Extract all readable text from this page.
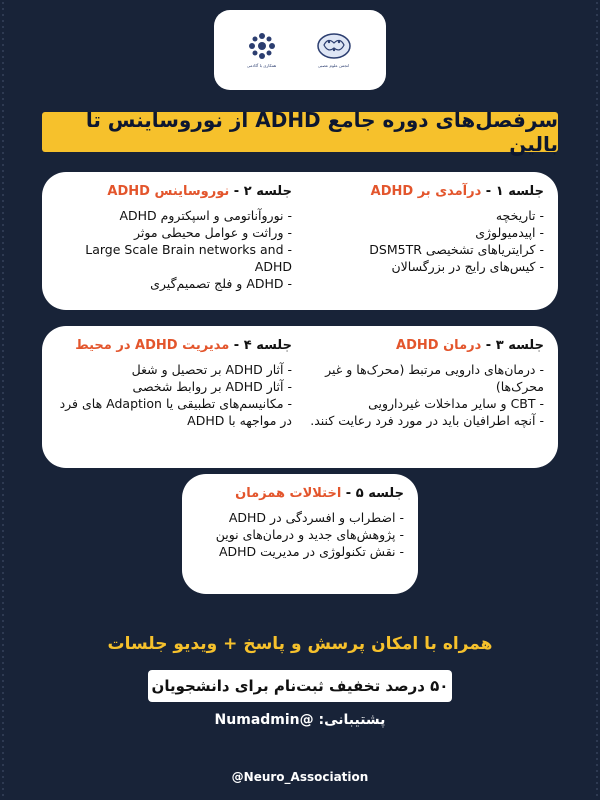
همکاری با آکادمی	انجمن علوم عصبی
سرفصل‌های دوره جامع ADHD از نوروساینس تا بالین
جلسه ۱ - درآمدی بر ADHD
- تاریخچه
- اپیدمیولوژی
- کرایتریاهای تشخیصی DSM5TR
- کیس‌های رایج در بزرگسالان
جلسه ۲ - نوروساینس ADHD
- نوروآناتومی و اسپکتروم ADHD
- وراثت و عوامل محیطی موثر
- Large Scale Brain networks and ADHD
- ADHD و فلج تصمیم‌گیری
جلسه ۳ - درمان ADHD
- درمان‌های دارویی مرتبط (محرک‌ها و غیر محرک‌ها)
- CBT و سایر مداخلات غیردارویی
- آنچه اطرافیان باید در مورد فرد رعایت کنند.
جلسه ۴ - مدیریت ADHD در محیط
- آثار ADHD بر تحصیل و شغل
- آثار ADHD بر روابط شخصی
- مکانیسم‌های تطبیقی یا Adaption های فرد در مواجهه با ADHD
جلسه ۵ - اختلالات همزمان
- اضطراب و افسردگی در ADHD
- پژوهش‌های جدید و درمان‌های نوین
- نقش تکنولوژی در مدیریت ADHD
همراه با امکان پرسش و پاسخ + ویدیو جلسات
۵۰ درصد تخفیف ثبت‌نام برای دانشجویان
پشتیبانی: @Numadmin
@Neuro_Association
